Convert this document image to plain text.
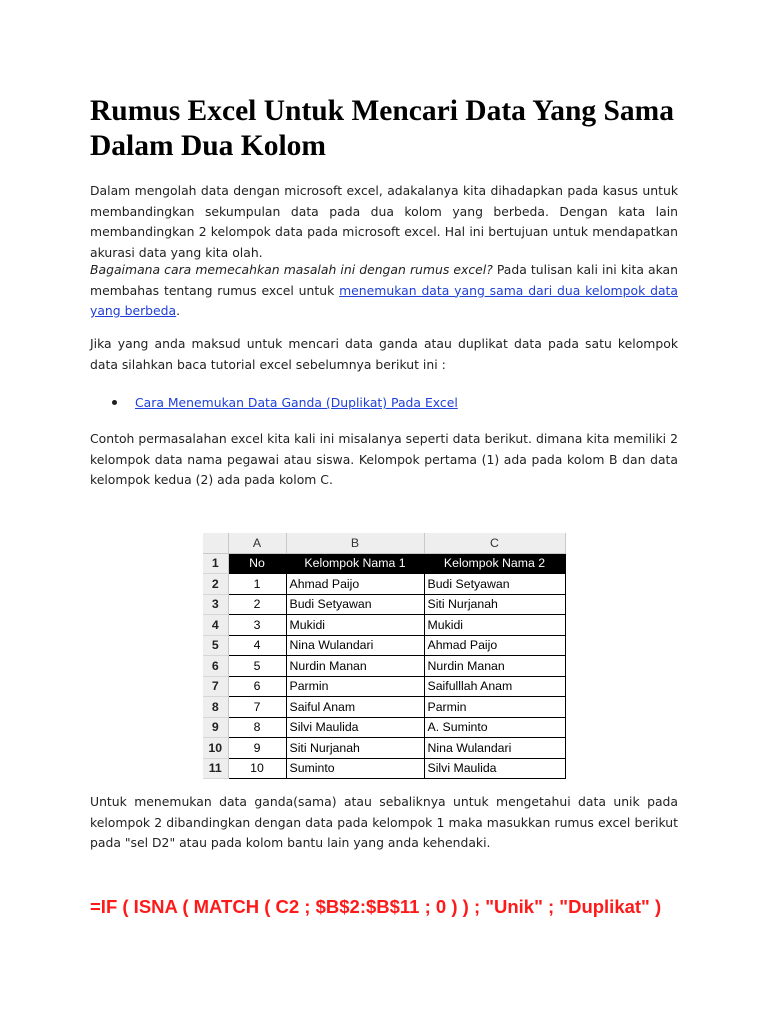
Rumus Excel Untuk Mencari Data Yang Sama Dalam Dua Kolom

Dalam mengolah data dengan microsoft excel, adakalanya kita dihadapkan pada kasus untuk membandingkan sekumpulan data pada dua kolom yang berbeda. Dengan kata lain membandingkan 2 kelompok data pada microsoft excel. Hal ini bertujuan untuk mendapatkan akurasi data yang kita olah.

Bagaimana cara memecahkan masalah ini dengan rumus excel? Pada tulisan kali ini kita akan membahas tentang rumus excel untuk menemukan data yang sama dari dua kelompok data yang berbeda.

Jika yang anda maksud untuk mencari data ganda atau duplikat data pada satu kelompok data silahkan baca tutorial excel sebelumnya berikut ini :

Cara Menemukan Data Ganda (Duplikat) Pada Excel

Contoh permasalahan excel kita kali ini misalanya seperti data berikut. dimana kita memiliki 2 kelompok data nama pegawai atau siswa. Kelompok pertama (1) ada pada kolom B dan data kelompok kedua (2) ada pada kolom C.

	A	B	C
1	No	Kelompok Nama 1	Kelompok Nama 2
2	1	Ahmad Paijo	Budi Setyawan
3	2	Budi Setyawan	Siti Nurjanah
4	3	Mukidi	Mukidi
5	4	Nina Wulandari	Ahmad Paijo
6	5	Nurdin Manan	Nurdin Manan
7	6	Parmin	Saifulllah Anam
8	7	Saiful Anam	Parmin
9	8	Silvi Maulida	A. Suminto
10	9	Siti Nurjanah	Nina Wulandari
11	10	Suminto	Silvi Maulida

Untuk menemukan data ganda(sama) atau sebaliknya untuk mengetahui data unik pada kelompok 2 dibandingkan dengan data pada kelompok 1 maka masukkan rumus excel berikut pada "sel D2" atau pada kolom bantu lain yang anda kehendaki.

=IF ( ISNA ( MATCH ( C2 ; $B$2:$B$11 ; 0 ) ) ; "Unik" ; "Duplikat" )
